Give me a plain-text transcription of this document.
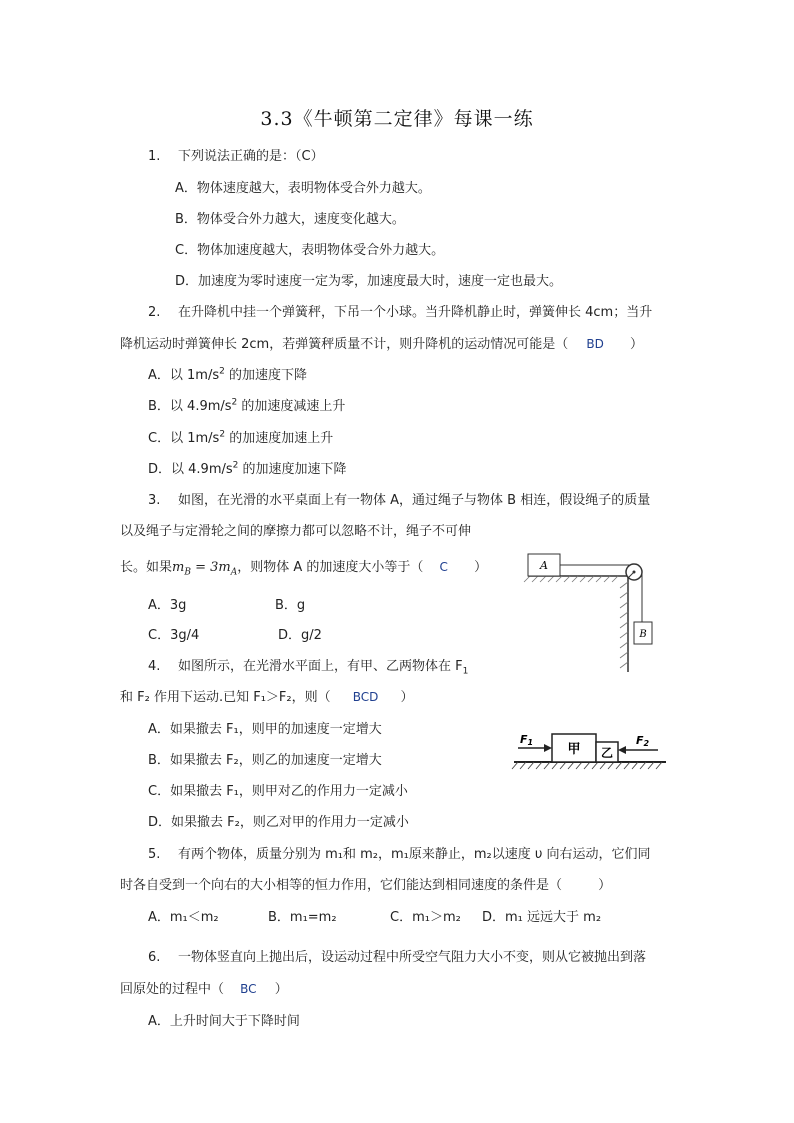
3.3《牛顿第二定律》每课一练
1. 下列说法正确的是：（C）
A．物体速度越大，表明物体受合外力越大。
B．物体受合外力越大，速度变化越大。
C．物体加速度越大，表明物体受合外力越大。
D．加速度为零时速度一定为零，加速度最大时，速度一定也最大。
2. 在升降机中挂一个弹簧秤，下吊一个小球。当升降机静止时，弹簧伸长 4cm；当升
降机运动时弹簧伸长 2cm，若弹簧秤质量不计，则升降机的运动情况可能是（ BD ）
A．以 $1m/s^2$ 的加速度下降
B．以 $4.9m/s^2$ 的加速度减速上升
C．以 $1m/s^2$ 的加速度加速上升
D．以 $4.9m/s^2$ 的加速度加速下降
3. 如图，在光滑的水平桌面上有一物体 A，通过绳子与物体 B 相连，假设绳子的质量
以及绳子与定滑轮之间的摩擦力都可以忽略不计，绳子不可伸
长。如果$m_B = 3m_A$，则物体 A 的加速度大小等于（ C ）
A．3g	B．g
C．3g/4	D．g/2
A
B
4. 如图所示，在光滑水平面上，有甲、乙两物体在 $F_1$
和 F₂ 作用下运动.已知 F₁＞F₂，则（ BCD ）
A．如果撤去 F₁，则甲的加速度一定增大
B．如果撤去 F₂，则乙的加速度一定增大
C．如果撤去 F₁，则甲对乙的作用力一定减小
D．如果撤去 F₂，则乙对甲的作用力一定减小
甲 乙
F1	F2
5. 有两个物体，质量分别为 m₁和 m₂，m₁原来静止，m₂以速度 υ 向右运动，它们同
时各自受到一个向右的大小相等的恒力作用，它们能达到相同速度的条件是（	）
A．m₁＜m₂	B．m₁=m₂	C．m₁＞m₂ D．m₁ 远远大于 m₂
6. 一物体竖直向上抛出后，设运动过程中所受空气阻力大小不变，则从它被抛出到落
回原处的过程中（ BC ）
A．上升时间大于下降时间
